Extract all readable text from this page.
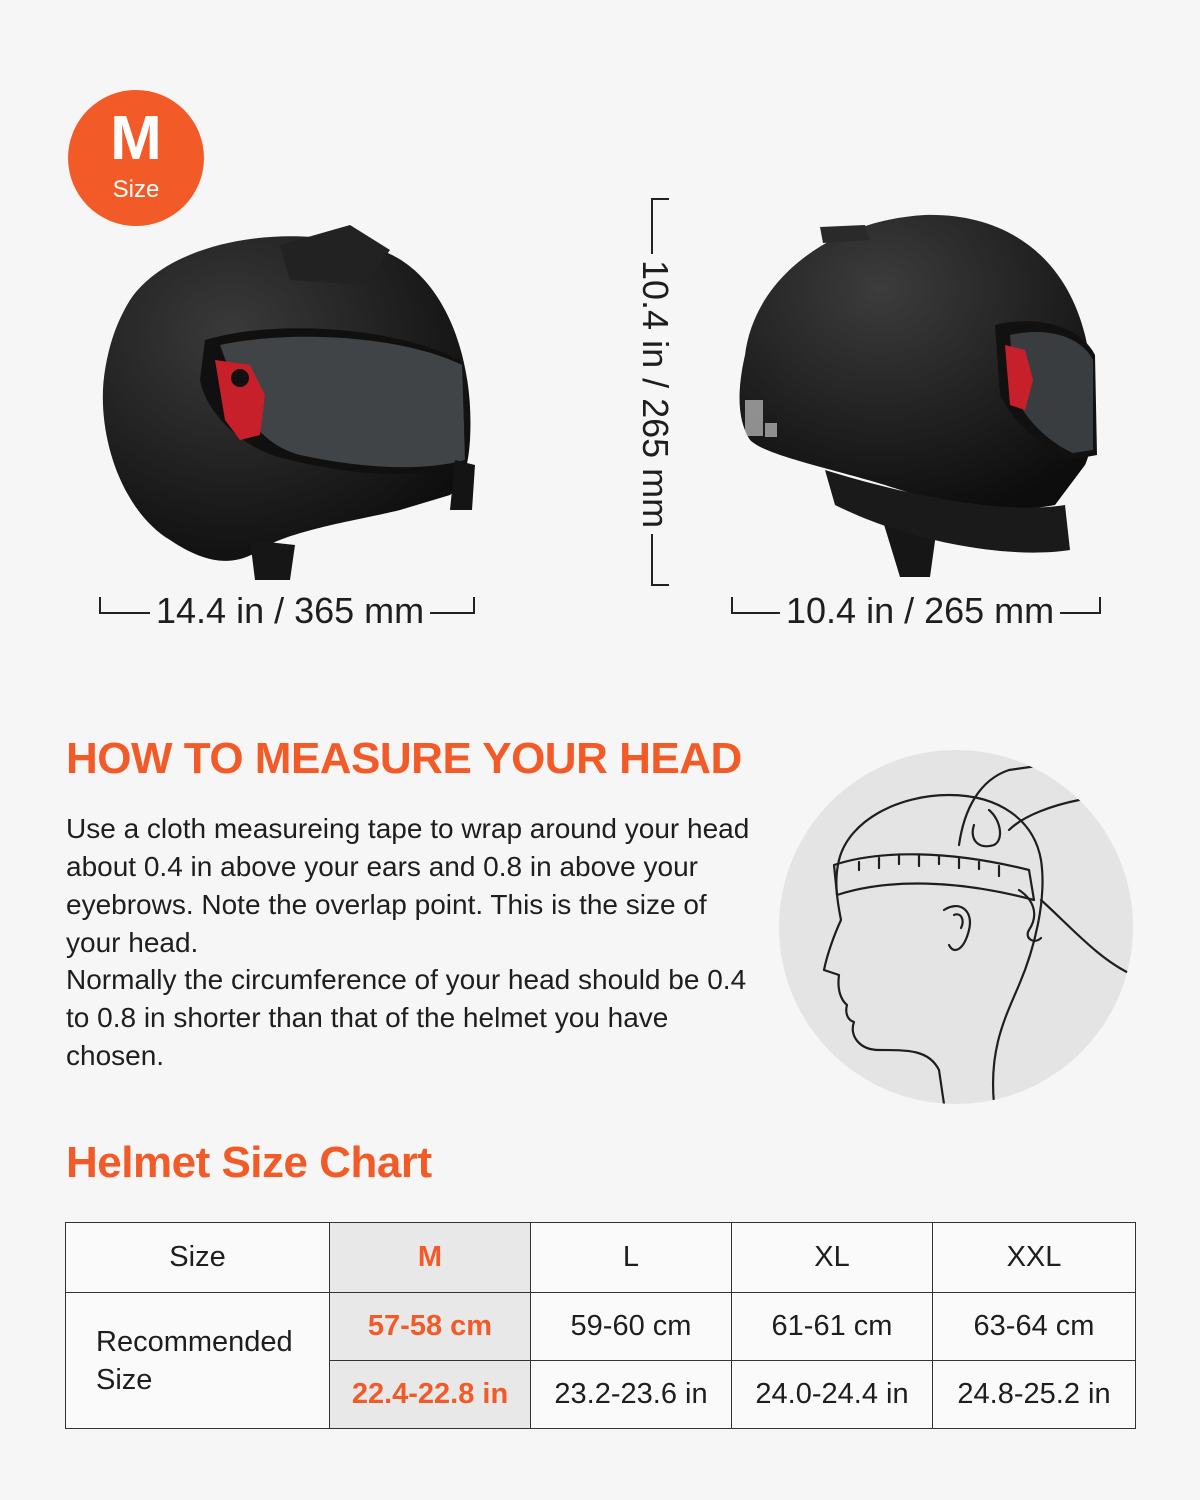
M
Size
14.4 in / 365 mm
10.4 in / 265 mm
10.4 in / 265 mm
HOW TO MEASURE YOUR HEAD

Use a cloth measureing tape to wrap around your head about 0.4 in above your ears and 0.8 in above your eyebrows. Note the overlap point. This is the size of your head.

Normally the circumference of your head should be 0.4 to 0.8 in shorter than that of the helmet you have chosen.

Helmet Size Chart
Size	M	L	XL	XXL
Recommended Size	57-58 cm	59-60 cm	61-61 cm	63-64 cm
	22.4-22.8 in	23.2-23.6 in	24.0-24.4 in	24.8-25.2 in
